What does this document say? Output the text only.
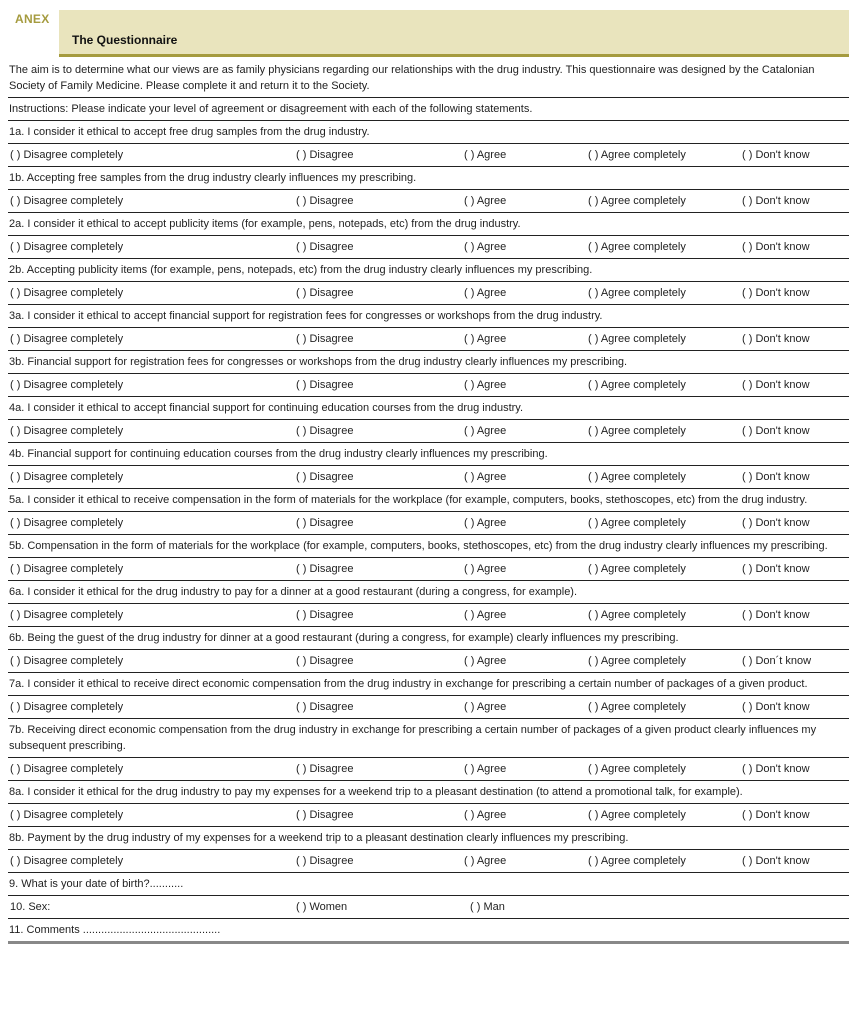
ANEX
The Questionnaire
The aim is to determine what our views are as family physicians regarding our relationships with the drug industry. This questionnaire was designed by the Catalonian Society of Family Medicine. Please complete it and return it to the Society.
Instructions: Please indicate your level of agreement or disagreement with each of the following statements.
1a. I consider it ethical to accept free drug samples from the drug industry.
( ) Disagree completely	( ) Disagree	( ) Agree	( ) Agree completely	( ) Don't know
1b. Accepting free samples from the drug industry clearly influences my prescribing.
( ) Disagree completely	( ) Disagree	( ) Agree	( ) Agree completely	( ) Don't know
2a. I consider it ethical to accept publicity items (for example, pens, notepads, etc) from the drug industry.
( ) Disagree completely	( ) Disagree	( ) Agree	( ) Agree completely	( ) Don't know
2b. Accepting publicity items (for example, pens, notepads, etc) from the drug industry clearly influences my prescribing.
( ) Disagree completely	( ) Disagree	( ) Agree	( ) Agree completely	( ) Don't know
3a. I consider it ethical to accept financial support for registration fees for congresses or workshops from the drug industry.
( ) Disagree completely	( ) Disagree	( ) Agree	( ) Agree completely	( ) Don't know
3b. Financial support for registration fees for congresses or workshops from the drug industry clearly influences my prescribing.
( ) Disagree completely	( ) Disagree	( ) Agree	( ) Agree completely	( ) Don't know
4a. I consider it ethical to accept financial support for continuing education courses from the drug industry.
( ) Disagree completely	( ) Disagree	( ) Agree	( ) Agree completely	( ) Don't know
4b. Financial support for continuing education courses from the drug industry clearly influences my prescribing.
( ) Disagree completely	( ) Disagree	( ) Agree	( ) Agree completely	( ) Don't know
5a. I consider it ethical to receive compensation in the form of materials for the workplace (for example, computers, books, stethoscopes, etc) from the drug industry.
( ) Disagree completely	( ) Disagree	( ) Agree	( ) Agree completely	( ) Don't know
5b. Compensation in the form of materials for the workplace (for example, computers, books, stethoscopes, etc) from the drug industry clearly influences my prescribing.
( ) Disagree completely	( ) Disagree	( ) Agree	( ) Agree completely	( ) Don't know
6a. I consider it ethical for the drug industry to pay for a dinner at a good restaurant (during a congress, for example).
( ) Disagree completely	( ) Disagree	( ) Agree	( ) Agree completely	( ) Don't know
6b. Being the guest of the drug industry for dinner at a good restaurant (during a congress, for example) clearly influences my prescribing.
( ) Disagree completely	( ) Disagree	( ) Agree	( ) Agree completely	( ) Don´t know
7a. I consider it ethical to receive direct economic compensation from the drug industry in exchange for prescribing a certain number of packages of a given product.
( ) Disagree completely	( ) Disagree	( ) Agree	( ) Agree completely	( ) Don't know
7b. Receiving direct economic compensation from the drug industry in exchange for prescribing a certain number of packages of a given product clearly influences my subsequent prescribing.
( ) Disagree completely	( ) Disagree	( ) Agree	( ) Agree completely	( ) Don't know
8a. I consider it ethical for the drug industry to pay my expenses for a weekend trip to a pleasant destination (to attend a promotional talk, for example).
( ) Disagree completely	( ) Disagree	( ) Agree	( ) Agree completely	( ) Don't know
8b. Payment by the drug industry of my expenses for a weekend trip to a pleasant destination clearly influences my prescribing.
( ) Disagree completely	( ) Disagree	( ) Agree	( ) Agree completely	( ) Don't know
9. What is your date of birth?...........
10. Sex:	( ) Women	( ) Man
11. Comments .............................................
